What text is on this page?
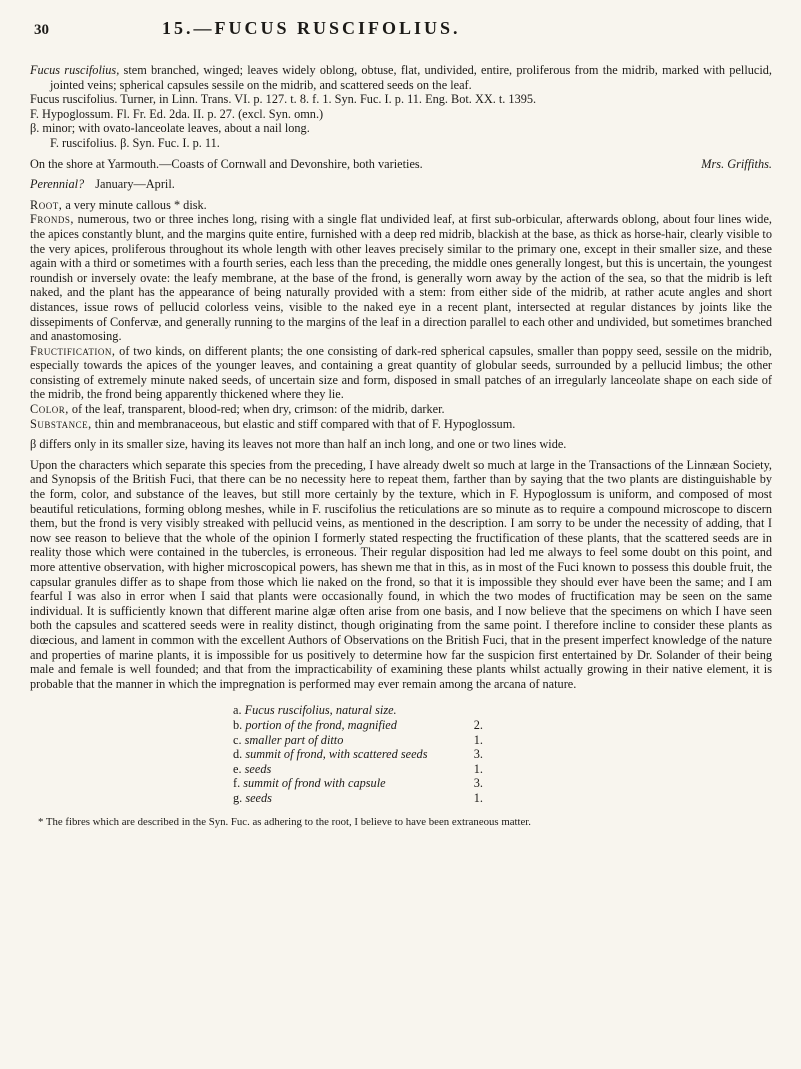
30	15.—FUCUS RUSCIFOLIUS.

Fucus ruscifolius, stem branched, winged; leaves widely oblong, obtuse, flat, undivided, entire, proliferous from the midrib, marked with pellucid, jointed veins; spherical capsules sessile on the midrib, and scattered seeds on the leaf.

Fucus ruscifolius. Turner, in Linn. Trans. VI. p. 127. t. 8. f. 1. Syn. Fuc. I. p. 11. Eng. Bot. XX. t. 1395.

F. Hypoglossum. Fl. Fr. Ed. 2da. II. p. 27. (excl. Syn. omn.)

β. minor; with ovato-lanceolate leaves, about a nail long.

F. ruscifolius. β. Syn. Fuc. I. p. 11.

On the shore at Yarmouth.—Coasts of Cornwall and Devonshire, both varieties.	Mrs. Griffiths.

Perennial? January—April.

Root, a very minute callous * disk.

Fronds, numerous, two or three inches long, rising with a single flat undivided leaf, at first sub-orbicular, afterwards oblong, about four lines wide, the apices constantly blunt, and the margins quite entire, furnished with a deep red midrib, blackish at the base, as thick as horse-hair, clearly visible to the very apices, proliferous throughout its whole length with other leaves precisely similar to the primary one, except in their smaller size, and these again with a third or sometimes with a fourth series, each less than the preceding, the middle ones generally longest, but this is uncertain, the youngest roundish or inversely ovate: the leafy membrane, at the base of the frond, is generally worn away by the action of the sea, so that the midrib is left naked, and the plant has the appearance of being naturally provided with a stem: from either side of the midrib, at rather acute angles and short distances, issue rows of pellucid colorless veins, visible to the naked eye in a recent plant, intersected at regular distances by joints like the dissepiments of Confervæ, and generally running to the margins of the leaf in a direction parallel to each other and undivided, but sometimes branched and anastomosing.

Fructification, of two kinds, on different plants; the one consisting of dark-red spherical capsules, smaller than poppy seed, sessile on the midrib, especially towards the apices of the younger leaves, and containing a great quantity of globular seeds, surrounded by a pellucid limbus; the other consisting of extremely minute naked seeds, of uncertain size and form, disposed in small patches of an irregularly lanceolate shape on each side of the midrib, the frond being apparently thickened where they lie.

Color, of the leaf, transparent, blood-red; when dry, crimson: of the midrib, darker.

Substance, thin and membranaceous, but elastic and stiff compared with that of F. Hypoglossum.

β differs only in its smaller size, having its leaves not more than half an inch long, and one or two lines wide.

Upon the characters which separate this species from the preceding, I have already dwelt so much at large in the Transactions of the Linnæan Society, and Synopsis of the British Fuci, that there can be no necessity here to repeat them, farther than by saying that the two plants are distinguishable by the form, color, and substance of the leaves, but still more certainly by the texture, which in F. Hypoglossum is uniform, and composed of most beautiful reticulations, forming oblong meshes, while in F. ruscifolius the reticulations are so minute as to require a compound microscope to discern them, but the frond is very visibly streaked with pellucid veins, as mentioned in the description. I am sorry to be under the necessity of adding, that I now see reason to believe that the whole of the opinion I formerly stated respecting the fructification of these plants, that the scattered seeds are in reality those which were contained in the tubercles, is erroneous. Their regular disposition had led me always to feel some doubt on this point, and more attentive observation, with higher microscopical powers, has shewn me that in this, as in most of the Fuci known to possess this double fruit, the capsular granules differ as to shape from those which lie naked on the frond, so that it is impossible they should ever have been the same; and I am fearful I was also in error when I said that plants were occasionally found, in which the two modes of fructification may be seen on the same individual. It is sufficiently known that different marine algæ often arise from one basis, and I now believe that the specimens on which I have seen both the capsules and scattered seeds were in reality distinct, though originating from the same point. I therefore incline to consider these plants as diœcious, and lament in common with the excellent Authors of Observations on the British Fuci, that in the present imperfect knowledge of the nature and properties of marine plants, it is impossible for us positively to determine how far the suspicion first entertained by Dr. Solander of their being male and female is well founded; and that from the impracticability of examining these plants whilst actually growing in their native element, it is probable that the manner in which the impregnation is performed may ever remain among the arcana of nature.

a. Fucus ruscifolius, natural size.
b. portion of the frond, magnified	2.
c. smaller part of ditto	1.
d. summit of frond, with scattered seeds	3.
e. seeds	1.
f. summit of frond with capsule	3.
g. seeds	1.

* The fibres which are described in the Syn. Fuc. as adhering to the root, I believe to have been extraneous matter.
